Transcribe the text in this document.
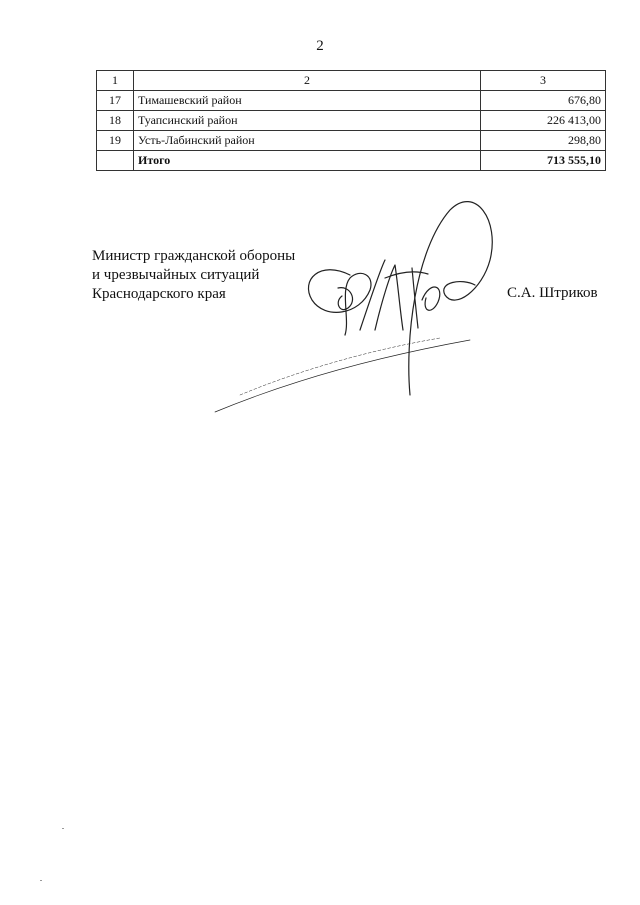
2
1	2	3
17	Тимашевский район	676,80
18	Туапсинский район	226 413,00
19	Усть-Лабинский район	298,80
	Итого	713 555,10
Министр гражданской обороны
и чрезвычайных ситуаций
Краснодарского края	С.А. Штриков
